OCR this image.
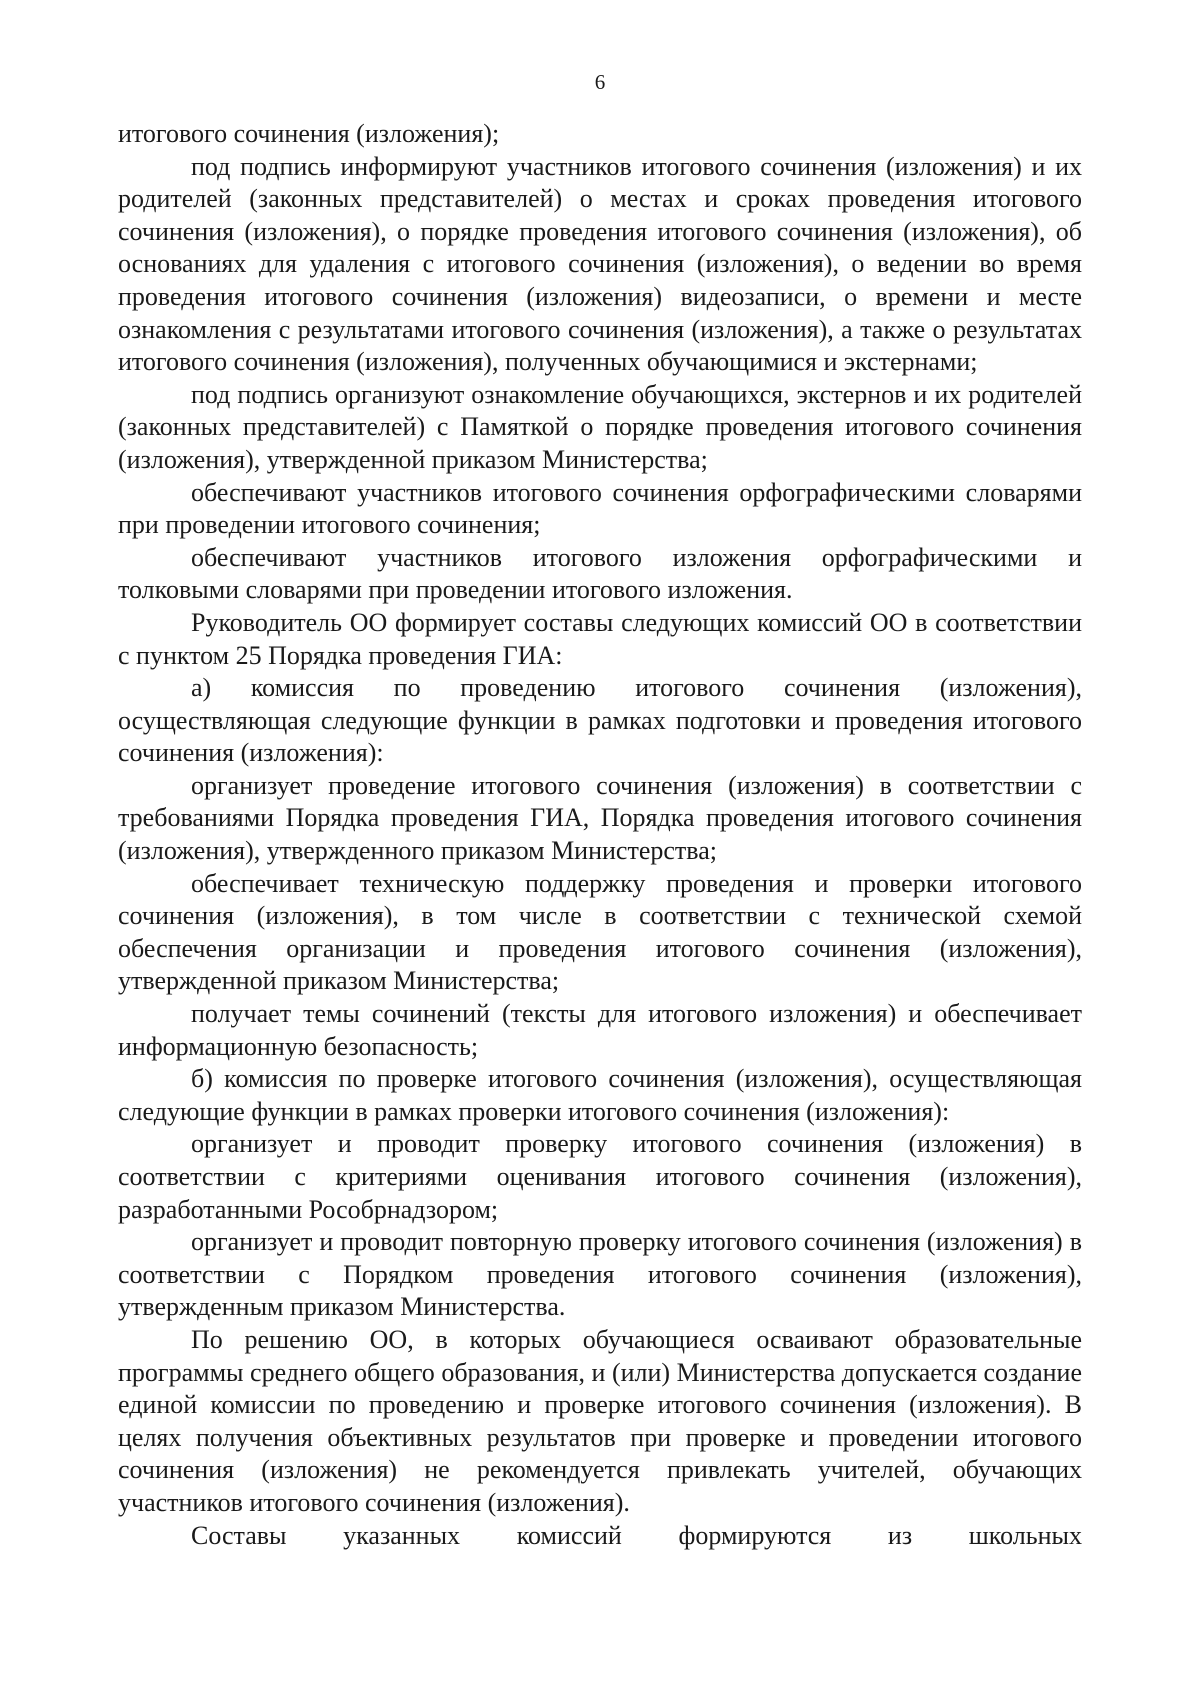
6

итогового сочинения (изложения);

под подпись информируют участников итогового сочинения (изложения) и их родителей (законных представителей) о местах и сроках проведения итогового сочинения (изложения), о порядке проведения итогового сочинения (изложения), об основаниях для удаления с итогового сочинения (изложения), о ведении во время проведения итогового сочинения (изложения) видеозаписи, о времени и месте ознакомления с результатами итогового сочинения (изложения), а также о результатах итогового сочинения (изложения), полученных обучающимися и экстернами;

под подпись организуют ознакомление обучающихся, экстернов и их родителей (законных представителей) с Памяткой о порядке проведения итогового сочинения (изложения), утвержденной приказом Министерства;

обеспечивают участников итогового сочинения орфографическими словарями при проведении итогового сочинения;

обеспечивают участников итогового изложения орфографическими и толковыми словарями при проведении итогового изложения.

Руководитель ОО формирует составы следующих комиссий ОО в соответствии с пунктом 25 Порядка проведения ГИА:

а) комиссия по проведению итогового сочинения (изложения), осуществляющая следующие функции в рамках подготовки и проведения итогового сочинения (изложения):

организует проведение итогового сочинения (изложения) в соответствии с требованиями Порядка проведения ГИА, Порядка проведения итогового сочинения (изложения), утвержденного приказом Министерства;

обеспечивает техническую поддержку проведения и проверки итогового сочинения (изложения), в том числе в соответствии с технической схемой обеспечения организации и проведения итогового сочинения (изложения), утвержденной приказом Министерства;

получает темы сочинений (тексты для итогового изложения) и обеспечивает информационную безопасность;

б) комиссия по проверке итогового сочинения (изложения), осуществляющая следующие функции в рамках проверки итогового сочинения (изложения):

организует и проводит проверку итогового сочинения (изложения) в соответствии с критериями оценивания итогового сочинения (изложения), разработанными Рособрнадзором;

организует и проводит повторную проверку итогового сочинения (изложения) в соответствии с Порядком проведения итогового сочинения (изложения), утвержденным приказом Министерства.

По решению ОО, в которых обучающиеся осваивают образовательные программы среднего общего образования, и (или) Министерства допускается создание единой комиссии по проведению и проверке итогового сочинения (изложения). В целях получения объективных результатов при проверке и проведении итогового сочинения (изложения) не рекомендуется привлекать учителей, обучающих участников итогового сочинения (изложения).

Составы указанных комиссий формируются из школьных
